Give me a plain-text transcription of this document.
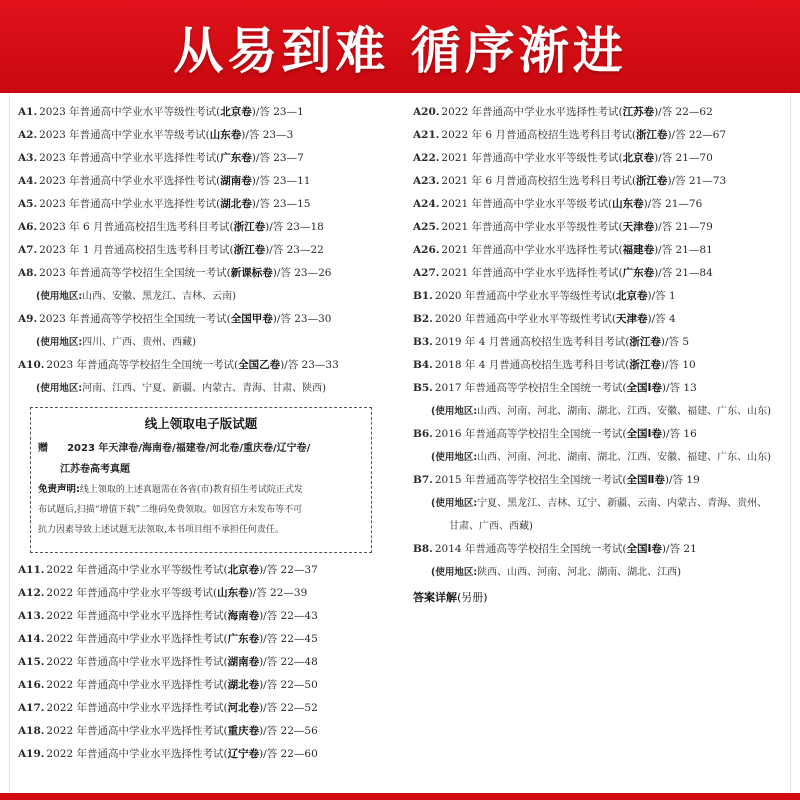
从易到难 循序渐进
A1. 2023 年普通高中学业水平等级性考试(北京卷)/答 23—1
A2. 2023 年普通高中学业水平等级考试(山东卷)/答 23—3
A3. 2023 年普通高中学业水平选择性考试(广东卷)/答 23—7
A4. 2023 年普通高中学业水平选择性考试(湖南卷)/答 23—11
A5. 2023 年普通高中学业水平选择性考试(湖北卷)/答 23—15
A6. 2023 年 6 月普通高校招生选考科目考试(浙江卷)/答 23—18
A7. 2023 年 1 月普通高校招生选考科目考试(浙江卷)/答 23—22
A8. 2023 年普通高等学校招生全国统一考试(新课标卷)/答 23—26
(使用地区:山西、安徽、黑龙江、吉林、云南)
A9. 2023 年普通高等学校招生全国统一考试(全国甲卷)/答 23—30
(使用地区:四川、广西、贵州、西藏)
A10. 2023 年普通高等学校招生全国统一考试(全国乙卷)/答 23—33
(使用地区:河南、江西、宁夏、新疆、内蒙古、青海、甘肃、陕西)
线上领取电子版试题
赠 2023 年天津卷/海南卷/福建卷/河北卷/重庆卷/辽宁卷/
江苏卷高考真题
免责声明:线上领取的上述真题需在各省(市)教育招生考试院正式发
布试题后,扫描“增值下载”二维码免费领取。如因官方未发布等不可
抗力因素导致上述试题无法领取,本书项目组不承担任何责任。
A11. 2022 年普通高中学业水平等级性考试(北京卷)/答 22—37
A12. 2022 年普通高中学业水平等级考试(山东卷)/答 22—39
A13. 2022 年普通高中学业水平选择性考试(海南卷)/答 22—43
A14. 2022 年普通高中学业水平选择性考试(广东卷)/答 22—45
A15. 2022 年普通高中学业水平选择性考试(湖南卷)/答 22—48
A16. 2022 年普通高中学业水平选择性考试(湖北卷)/答 22—50
A17. 2022 年普通高中学业水平选择性考试(河北卷)/答 22—52
A18. 2022 年普通高中学业水平选择性考试(重庆卷)/答 22—56
A19. 2022 年普通高中学业水平选择性考试(辽宁卷)/答 22—60
A20. 2022 年普通高中学业水平选择性考试(江苏卷)/答 22—62
A21. 2022 年 6 月普通高校招生选考科目考试(浙江卷)/答 22—67
A22. 2021 年普通高中学业水平等级性考试(北京卷)/答 21—70
A23. 2021 年 6 月普通高校招生选考科目考试(浙江卷)/答 21—73
A24. 2021 年普通高中学业水平等级考试(山东卷)/答 21—76
A25. 2021 年普通高中学业水平等级性考试(天津卷)/答 21—79
A26. 2021 年普通高中学业水平选择性考试(福建卷)/答 21—81
A27. 2021 年普通高中学业水平选择性考试(广东卷)/答 21—84
B1. 2020 年普通高中学业水平等级性考试(北京卷)/答 1
B2. 2020 年普通高中学业水平等级性考试(天津卷)/答 4
B3. 2019 年 4 月普通高校招生选考科目考试(浙江卷)/答 5
B4. 2018 年 4 月普通高校招生选考科目考试(浙江卷)/答 10
B5. 2017 年普通高等学校招生全国统一考试(全国Ⅰ卷)/答 13
(使用地区:山西、河南、河北、湖南、湖北、江西、安徽、福建、广东、山东)
B6. 2016 年普通高等学校招生全国统一考试(全国Ⅰ卷)/答 16
(使用地区:山西、河南、河北、湖南、湖北、江西、安徽、福建、广东、山东)
B7. 2015 年普通高等学校招生全国统一考试(全国Ⅱ卷)/答 19
(使用地区:宁夏、黑龙江、吉林、辽宁、新疆、云南、内蒙古、青海、贵州、
甘肃、广西、西藏)
B8. 2014 年普通高等学校招生全国统一考试(全国Ⅰ卷)/答 21
(使用地区:陕西、山西、河南、河北、湖南、湖北、江西)
答案详解(另册)
